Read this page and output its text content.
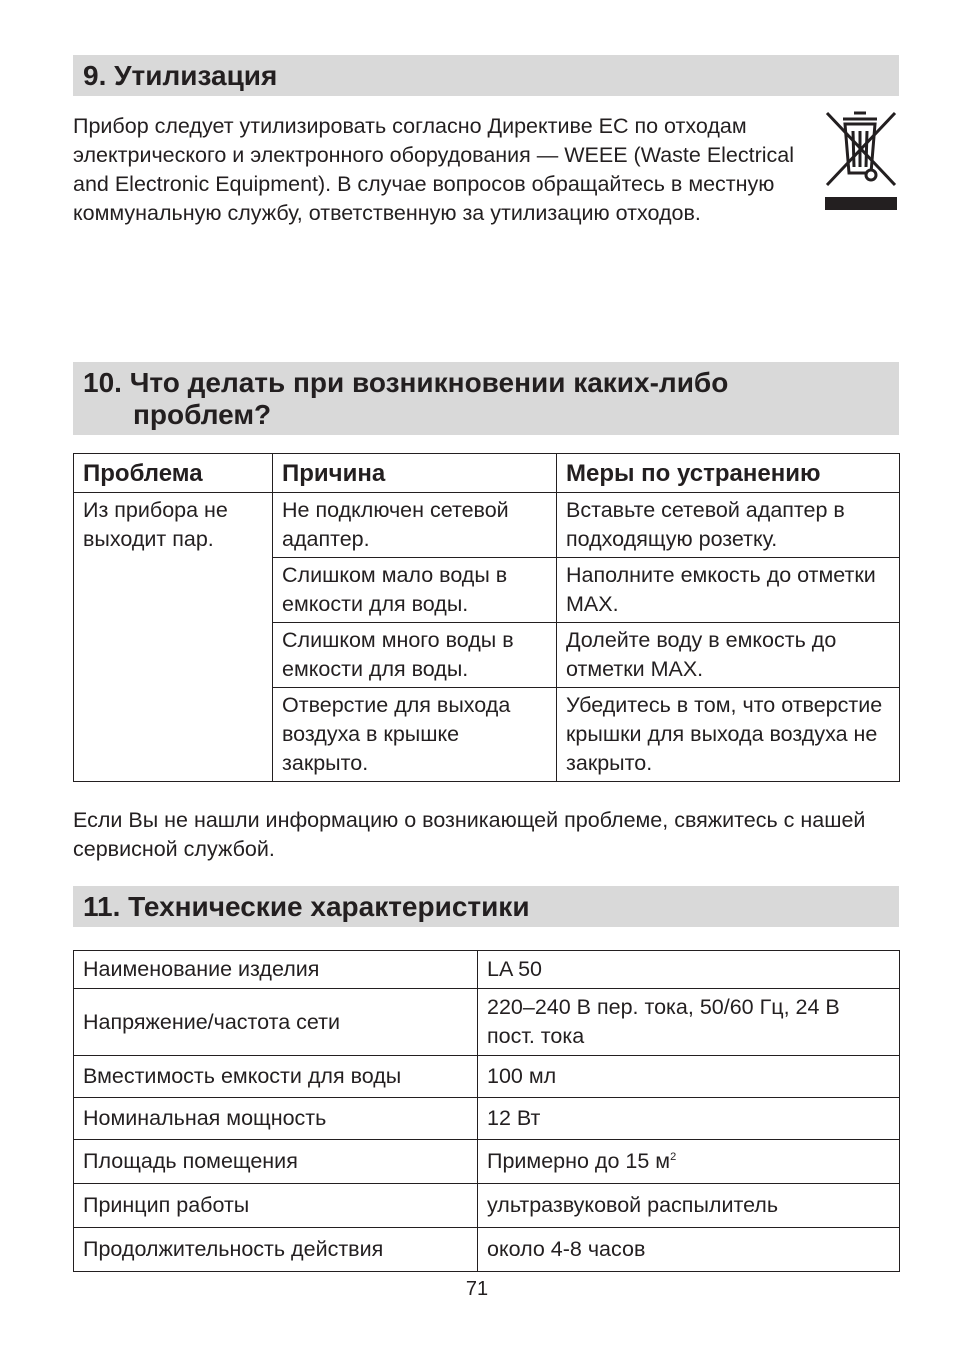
9. Утилизация

Прибор следует утилизировать согласно Директиве ЕС по отходам электрического и электронного оборудования — WEEE (Waste Electrical and Electronic Equipment). В случае вопросов обращайтесь в местную коммунальную службу, ответственную за утилизацию отходов.

10. Что делать при возникновении каких-либо
проблем?
Проблема	Причина	Меры по устранению
Из прибора не выходит пар.	Не подключен сетевой адаптер.	Вставьте сетевой адаптер в подходящую розетку.
	Слишком мало воды в емкости для воды.	Наполните емкость до отметки MAX.
	Слишком много воды в емкости для воды.	Долейте воду в емкость до отметки MAX.
	Отверстие для выхода воздуха в крышке закрыто.	Убедитесь в том, что отверстие крышки для выхода воздуха не закрыто.

Если Вы не нашли информацию о возникающей проблеме, свяжитесь с нашей сервисной службой.

11. Технические характеристики
Наименование изделия	LA 50
Напряжение/частота сети	220–240 В пер. тока, 50/60 Гц, 24 В пост. тока
Вместимость емкости для воды	100 мл
Номинальная мощность	12 Вт
Площадь помещения	Примерно до 15 $м^2$
Принцип работы	ультразвуковой распылитель
Продолжительность действия	около 4-8 часов
71
